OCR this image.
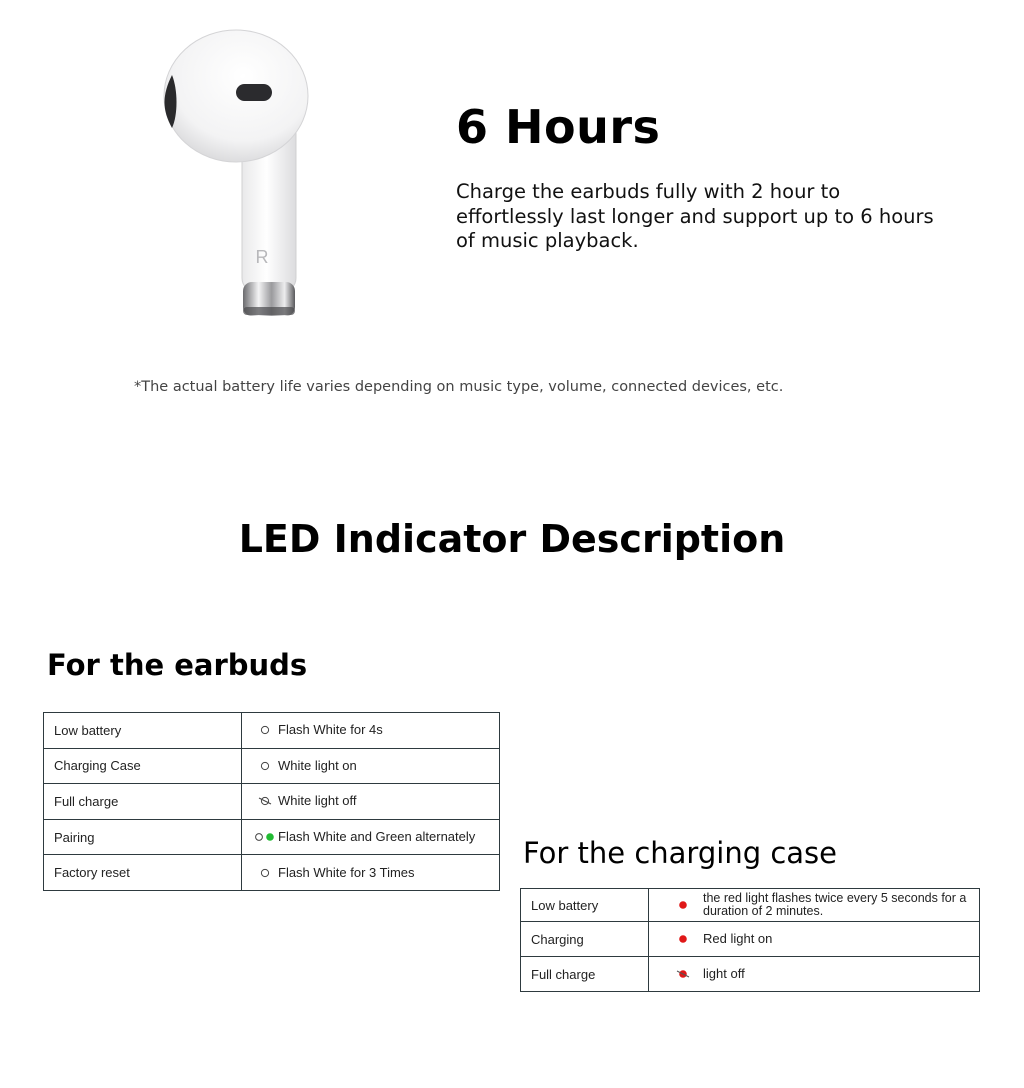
R
6 Hours

Charge the earbuds fully with 2 hour to effortlessly last longer and support up to 6 hours of music playback.

*The actual battery life varies depending on music type, volume, connected devices, etc.

LED Indicator Description
For the earbuds
Low battery	Flash White for 4s

Charging Case	White light on

Full charge	White light off

Pairing	Flash White and Green alternately

Factory reset	Flash White for 3 Times
For the charging case
Low battery	the red light flashes twice every 5 seconds for a duration of 2 minutes.

Charging	Red light on

Full charge	light off
